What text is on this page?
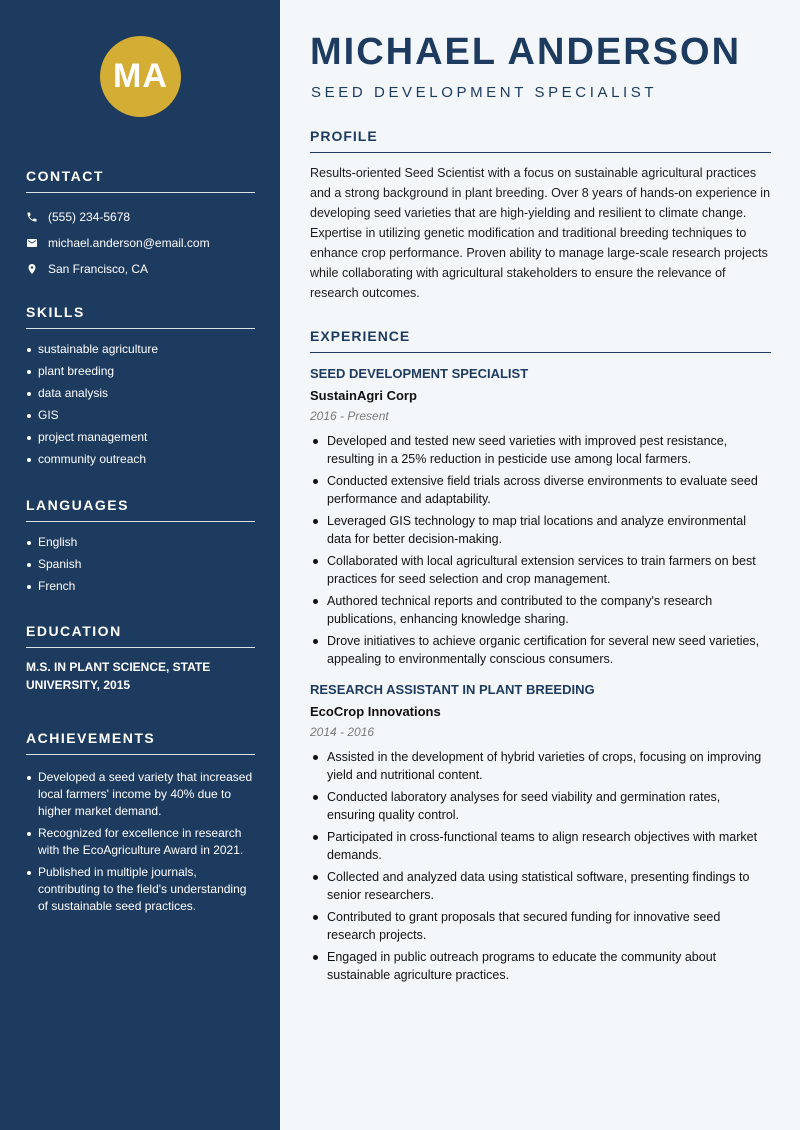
MA
CONTACT
(555) 234-5678
michael.anderson@email.com
San Francisco, CA
SKILLS
sustainable agriculture
plant breeding
data analysis
GIS
project management
community outreach
LANGUAGES
English
Spanish
French
EDUCATION
M.S. IN PLANT SCIENCE, STATE UNIVERSITY, 2015
ACHIEVEMENTS
Developed a seed variety that increased local farmers' income by 40% due to higher market demand.
Recognized for excellence in research with the EcoAgriculture Award in 2021.
Published in multiple journals, contributing to the field's understanding of sustainable seed practices.
MICHAEL ANDERSON
SEED DEVELOPMENT SPECIALIST
PROFILE

Results-oriented Seed Scientist with a focus on sustainable agricultural practices and a strong background in plant breeding. Over 8 years of hands-on experience in developing seed varieties that are high-yielding and resilient to climate change. Expertise in utilizing genetic modification and traditional breeding techniques to enhance crop performance. Proven ability to manage large-scale research projects while collaborating with agricultural stakeholders to ensure the relevance of research outcomes.

EXPERIENCE
SEED DEVELOPMENT SPECIALIST
SustainAgri Corp
2016 - Present
Developed and tested new seed varieties with improved pest resistance, resulting in a 25% reduction in pesticide use among local farmers.
Conducted extensive field trials across diverse environments to evaluate seed performance and adaptability.
Leveraged GIS technology to map trial locations and analyze environmental data for better decision-making.
Collaborated with local agricultural extension services to train farmers on best practices for seed selection and crop management.
Authored technical reports and contributed to the company's research publications, enhancing knowledge sharing.
Drove initiatives to achieve organic certification for several new seed varieties, appealing to environmentally conscious consumers.
RESEARCH ASSISTANT IN PLANT BREEDING
EcoCrop Innovations
2014 - 2016
Assisted in the development of hybrid varieties of crops, focusing on improving yield and nutritional content.
Conducted laboratory analyses for seed viability and germination rates, ensuring quality control.
Participated in cross-functional teams to align research objectives with market demands.
Collected and analyzed data using statistical software, presenting findings to senior researchers.
Contributed to grant proposals that secured funding for innovative seed research projects.
Engaged in public outreach programs to educate the community about sustainable agriculture practices.
